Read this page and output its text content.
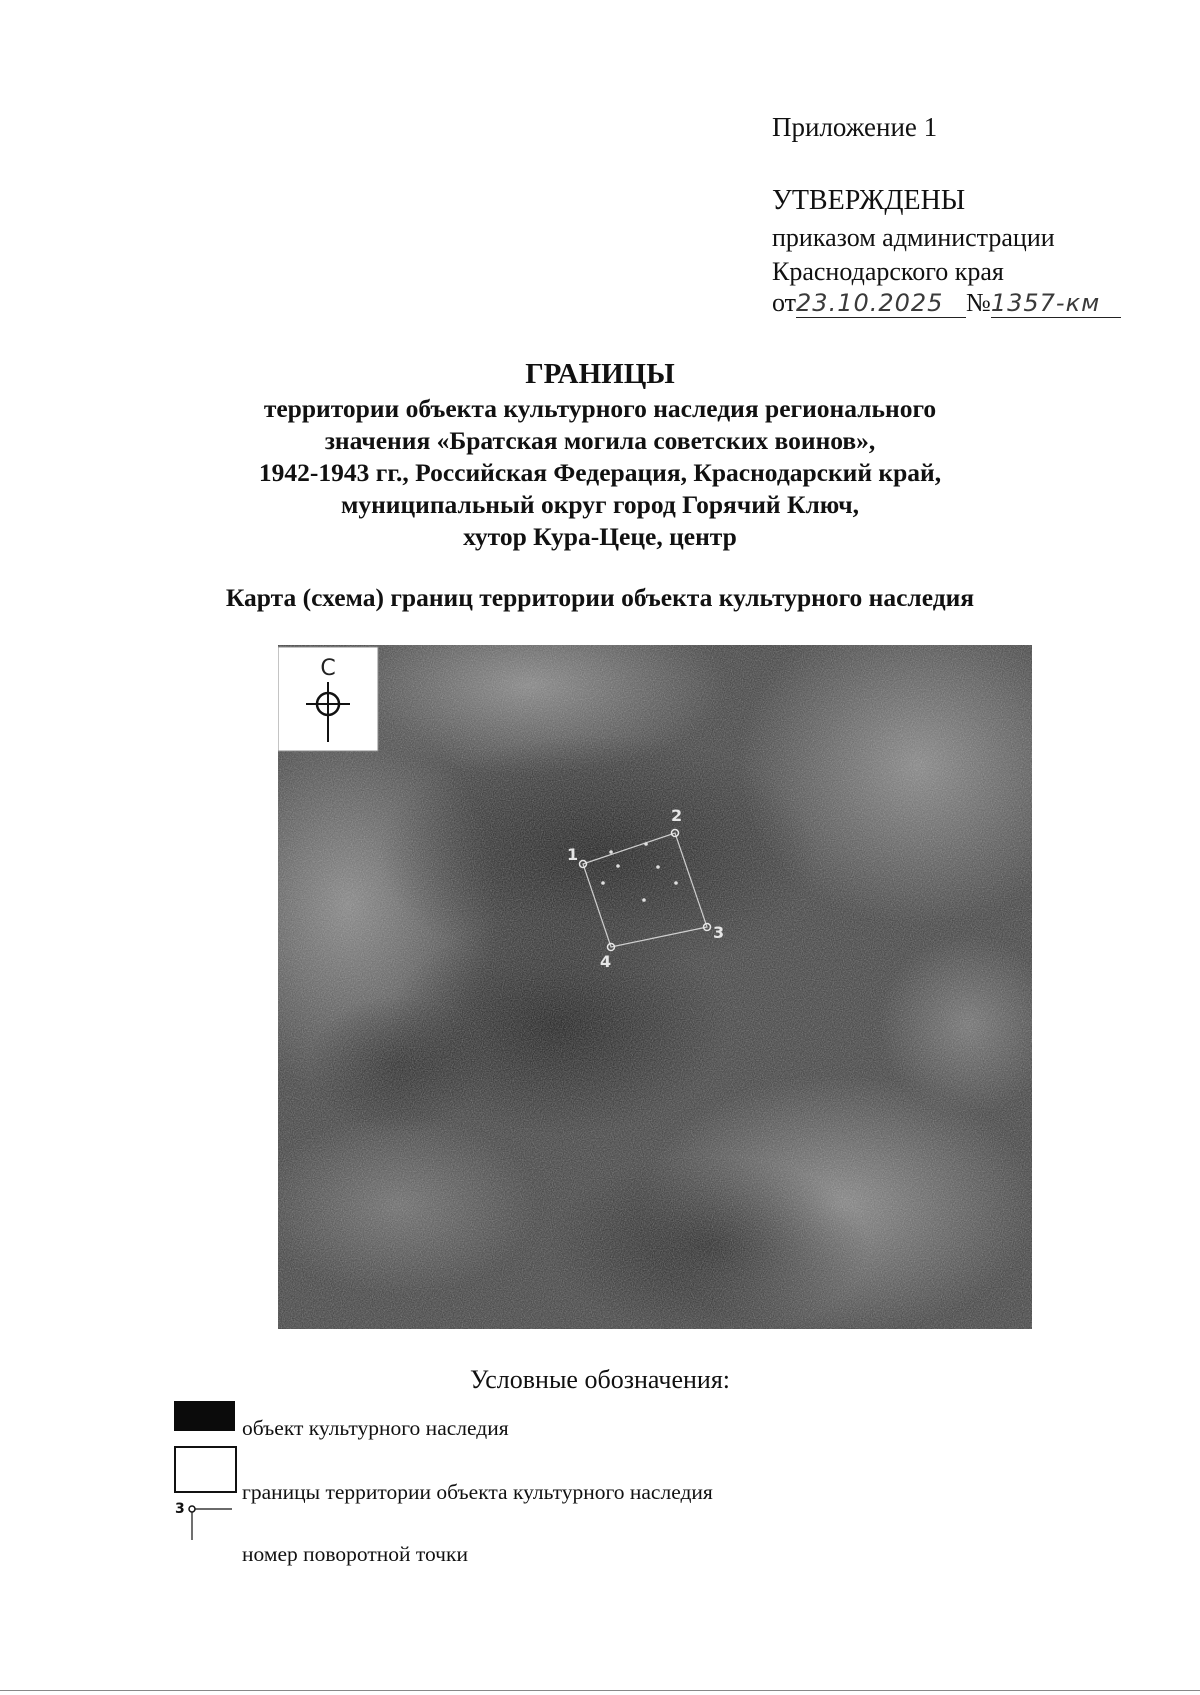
Приложение 1
УТВЕРЖДЕНЫ
приказом администрации
Краснодарского края
от23.10.2025 №1357-км
ГРАНИЦЫ
территории объекта культурного наследия регионального
значения «Братская могила советских воинов»,
1942-1943 гг., Российская Федерация, Краснодарский край,
муниципальный округ город Горячий Ключ,
хутор Кура-Цеце, центр
Карта (схема) границ территории объекта культурного наследия
С
1
2
3
4
Условные обозначения:
объект культурного наследия
границы территории объекта культурного наследия
3
номер поворотной точки
